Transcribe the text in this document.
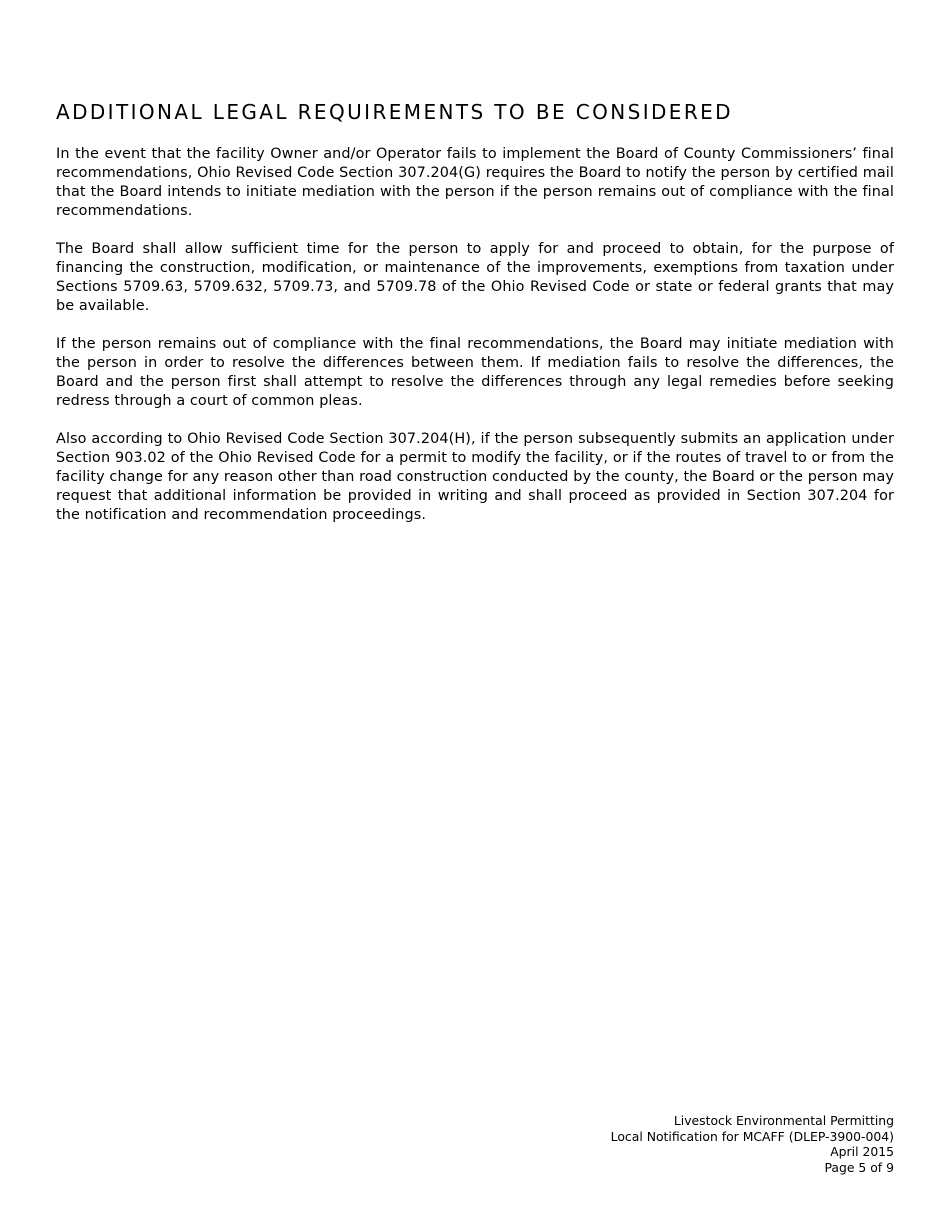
ADDITIONAL LEGAL REQUIREMENTS TO BE CONSIDERED

In the event that the facility Owner and/or Operator fails to implement the Board of County Commissioners’ final recommendations, Ohio Revised Code Section 307.204(G) requires the Board to notify the person by certified mail that the Board intends to initiate mediation with the person if the person remains out of compliance with the final recommendations.

The Board shall allow sufficient time for the person to apply for and proceed to obtain, for the purpose of financing the construction, modification, or maintenance of the improvements, exemptions from taxation under Sections 5709.63, 5709.632, 5709.73, and 5709.78 of the Ohio Revised Code or state or federal grants that may be available.

If the person remains out of compliance with the final recommendations, the Board may initiate mediation with the person in order to resolve the differences between them. If mediation fails to resolve the differences, the Board and the person first shall attempt to resolve the differences through any legal remedies before seeking redress through a court of common pleas.

Also according to Ohio Revised Code Section 307.204(H), if the person subsequently submits an application under Section 903.02 of the Ohio Revised Code for a permit to modify the facility, or if the routes of travel to or from the facility change for any reason other than road construction conducted by the county, the Board or the person may request that additional information be provided in writing and shall proceed as provided in Section 307.204 for the notification and recommendation proceedings.

Livestock Environmental Permitting
Local Notification for MCAFF (DLEP-3900-004)
April 2015
Page 5 of 9
